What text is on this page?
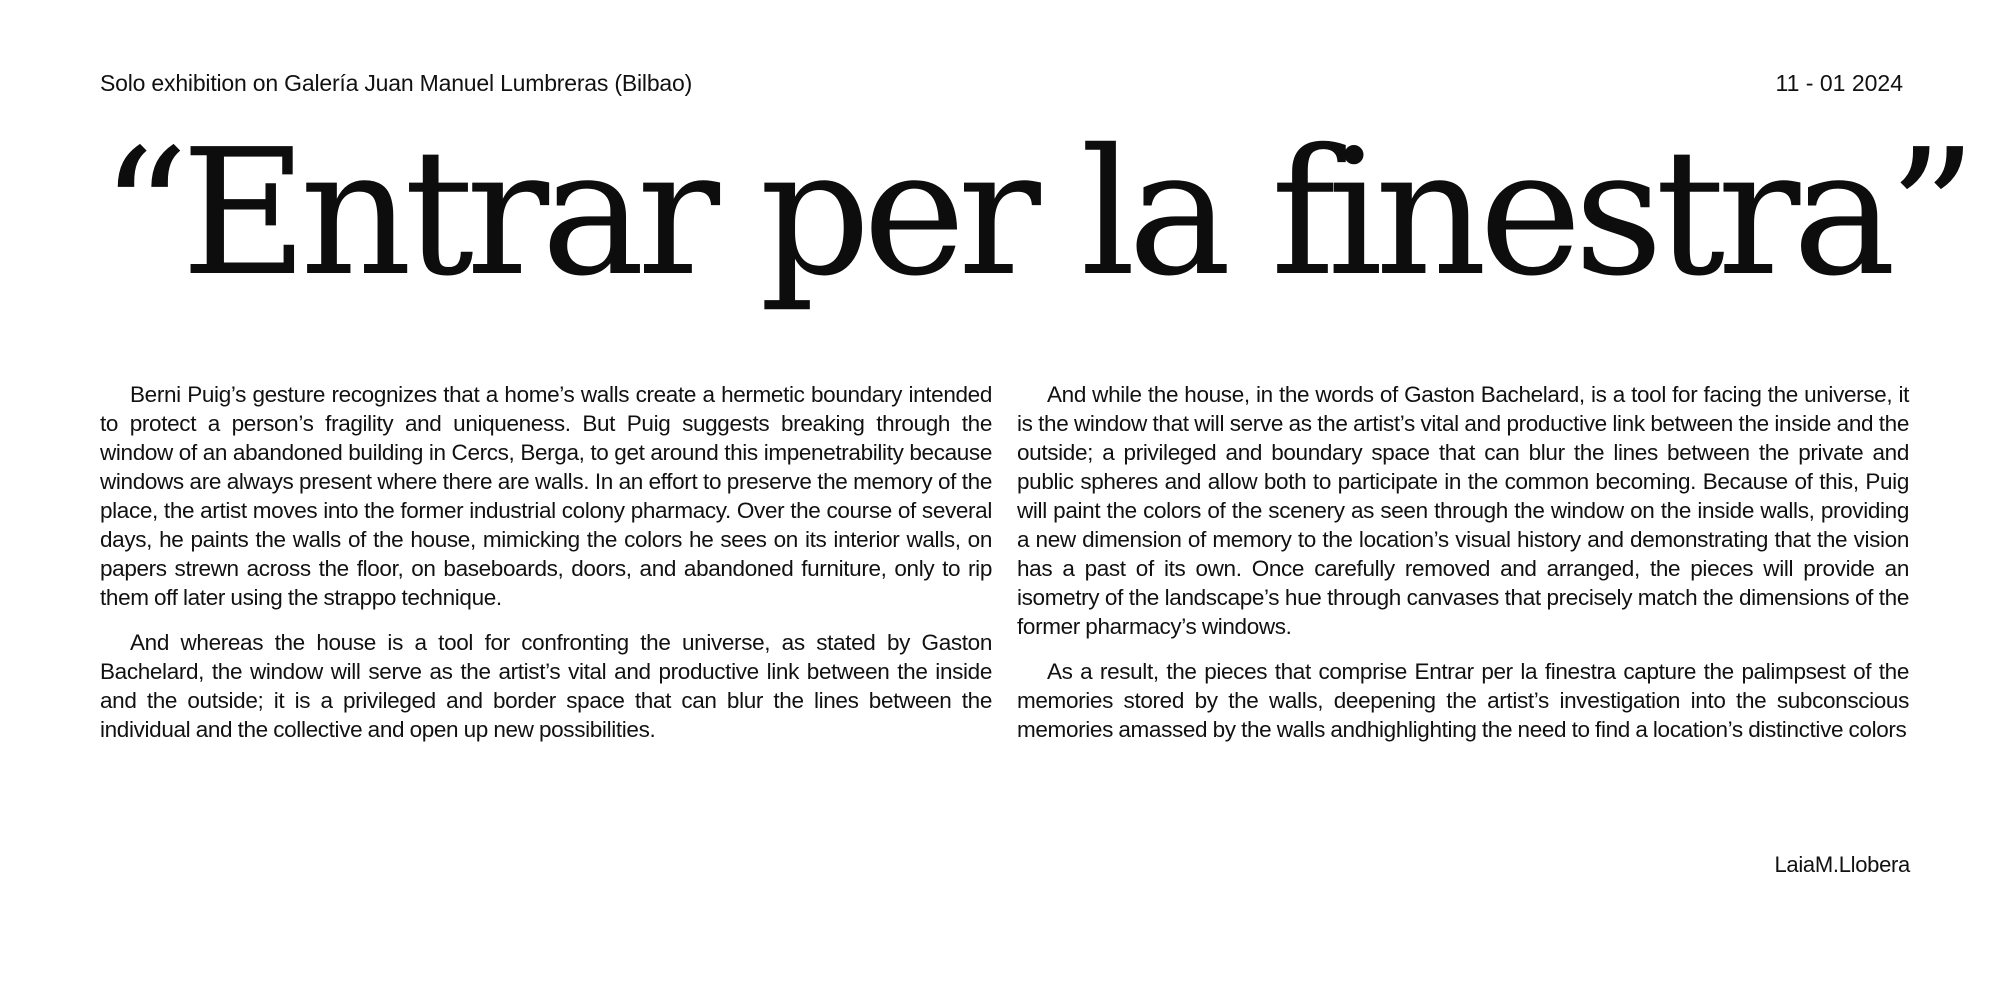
Solo exhibition on Galería Juan Manuel Lumbreras (Bilbao)	11 - 01 2024
“Entrar per la finestra”

Berni Puig’s gesture recognizes that a home’s walls create a hermetic boundary intended to protect a person’s fragility and uniqueness. But Puig suggests breaking through the window of an abandoned building in Cercs, Berga, to get around this impenetrability because windows are always present where there are walls. In an effort to preserve the memory of the place, the artist moves into the former industrial colony pharmacy. Over the course of several days, he paints the walls of the house, mimicking the colors he sees on its interior walls, on papers strewn across the floor, on baseboards, doors, and abandoned furniture, only to rip them off later using the strappo technique.

And whereas the house is a tool for confronting the universe, as stated by Gaston Bachelard, the window will serve as the artist’s vital and productive link between the inside and the outside; it is a privileged and border space that can blur the lines between the individual and the collective and open up new possibilities.

And while the house, in the words of Gaston Bachelard, is a tool for facing the universe, it is the window that will serve as the artist’s vital and productive link between the inside and the outside; a privileged and boundary space that can blur the lines between the private and public spheres and allow both to participate in the common becoming. Because of this, Puig will paint the colors of the scenery as seen through the window on the inside walls, providing a new dimension of memory to the location’s visual history and demonstrating that the vision has a past of its own. Once carefully removed and arranged, the pieces will provide an isometry of the landscape’s hue through canvases that precisely match the dimensions of the former pharmacy’s windows.

As a result, the pieces that comprise Entrar per la finestra capture the palimpsest of the memories stored by the walls, deepening the artist’s investigation into the subconscious memories amassed by the walls andhighlighting the need to find a location’s distinctive colors

LaiaM.Llobera
